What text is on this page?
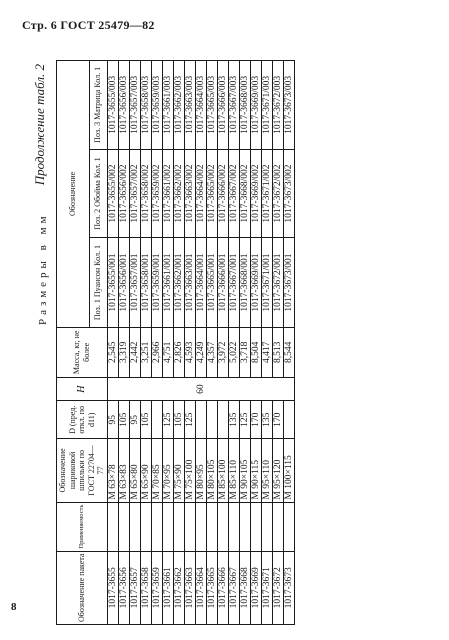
Стр. 6 ГОСТ 25479—82
8
Размеры в мм
Продолжение табл. 2
Обозначение пакета	Применяемость	Обозначение шариковой шпильки по ГОСТ 22704—77	D (пред. откл. по d11)	H	Масса, кг, не более	Обозначение		
						Поз. 1 Пуансон Кол. 1	Поз. 2 Обойма Кол. 1	Поз. 3 Матрица Кол. 1
1017-3655		М 63×78	95	60	2,545	1017-3655/001	1017-3655/002	1017-3655/003
1017-3656		М 63×83	105		3,319	1017-3656/001	1017-3656/002	1017-3656/003
1017-3657		М 65×80	95		2,442	1017-3657/001	1017-3657/002	1017-3657/003
1017-3658		М 65×90	105		3,251	1017-3658/001	1017-3658/002	1017-3658/003
1017-3659		М 70×85			2,966	1017-3659/001	1017-3659/002	1017-3659/003
1017-3661		М 70×95	125		4,751	1017-3661/001	1017-3661/002	1017-3661/003
1017-3662		М 75×90	105		2,826	1017-3662/001	1017-3662/002	1017-3662/003
1017-3663		М 75×100	125		4,593	1017-3663/001	1017-3663/002	1017-3663/003
1017-3664		М 80×95			4,249	1017-3664/001	1017-3664/002	1017-3664/003
1017-3665		М 80×105			4,357	1017-3665/001	1017-3665/002	1017-3665/003
1017-3666		М 85×100			3,972	1017-3666/001	1017-3666/002	1017-3666/003
1017-3667		М 85×110	135		5,022	1017-3667/001	1017-3667/002	1017-3667/003
1017-3668		М 90×105	125		3,718	1017-3668/001	1017-3668/002	1017-3668/003
1017-3669		М 90×115	170		8,504	1017-3669/001	1017-3669/002	1017-3669/003
1017-3671		М 95×110	135		4,417	1017-3671/001	1017-3671/002	1017-3671/003
1017-3672		М 95×120	170		8,513	1017-3672/001	1017-3672/002	1017-3672/003
1017-3673		М 100×115			8,544	1017-3673/001	1017-3673/002	1017-3673/003
